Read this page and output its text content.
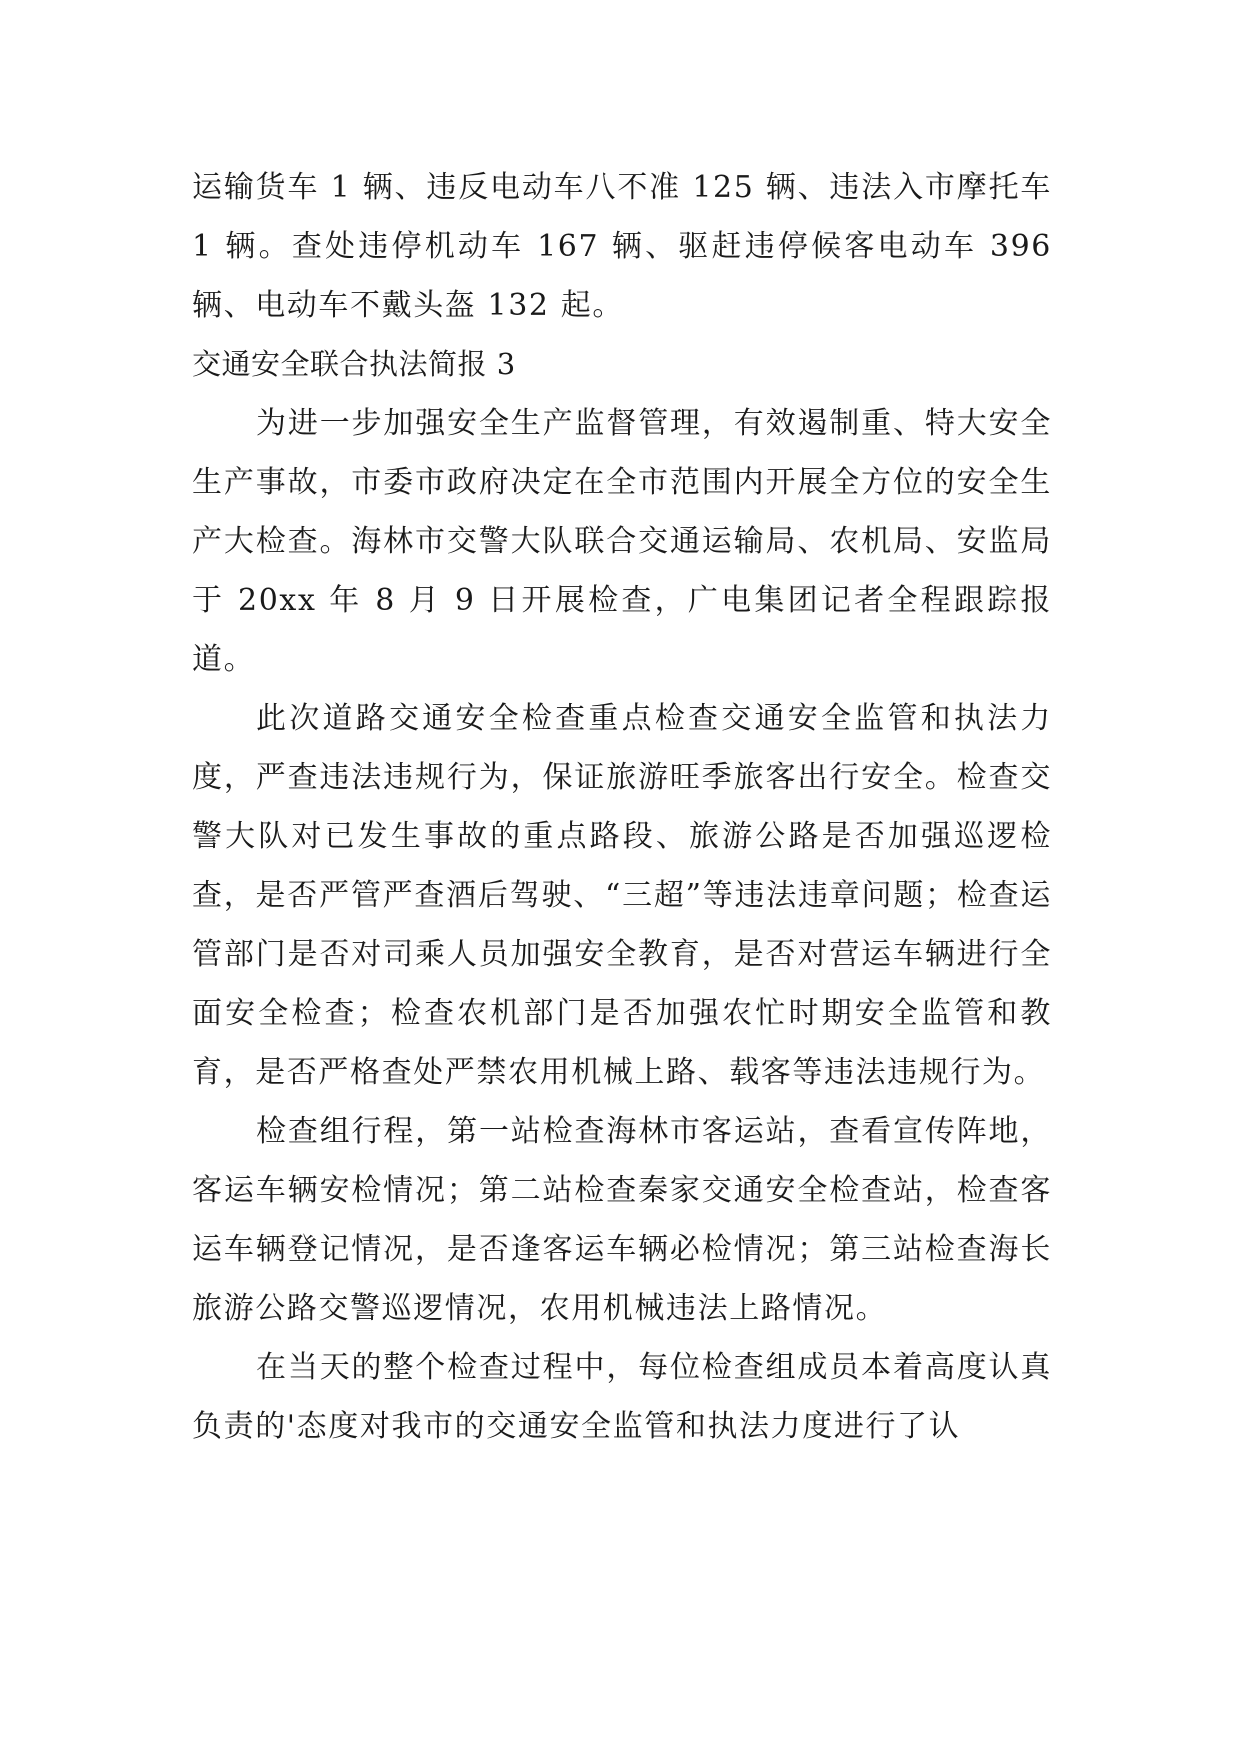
运输货车 1 辆、违反电动车八不准 125 辆、违法入市摩托车 1 辆。查处违停机动车 167 辆、驱赶违停候客电动车 396 辆、电动车不戴头盔 132 起。

交通安全联合执法简报 3

为进一步加强安全生产监督管理，有效遏制重、特大安全生产事故，市委市政府决定在全市范围内开展全方位的安全生产大检查。海林市交警大队联合交通运输局、农机局、安监局于 20xx 年 8 月 9 日开展检查，广电集团记者全程跟踪报道。

此次道路交通安全检查重点检查交通安全监管和执法力度，严查违法违规行为，保证旅游旺季旅客出行安全。检查交警大队对已发生事故的重点路段、旅游公路是否加强巡逻检查，是否严管严查酒后驾驶、“三超”等违法违章问题；检查运管部门是否对司乘人员加强安全教育，是否对营运车辆进行全面安全检查；检查农机部门是否加强农忙时期安全监管和教育，是否严格查处严禁农用机械上路、载客等违法违规行为。

检查组行程，第一站检查海林市客运站，查看宣传阵地，客运车辆安检情况；第二站检查秦家交通安全检查站，检查客运车辆登记情况，是否逢客运车辆必检情况；第三站检查海长旅游公路交警巡逻情况，农用机械违法上路情况。

在当天的整个检查过程中，每位检查组成员本着高度认真负责的'态度对我市的交通安全监管和执法力度进行了认
